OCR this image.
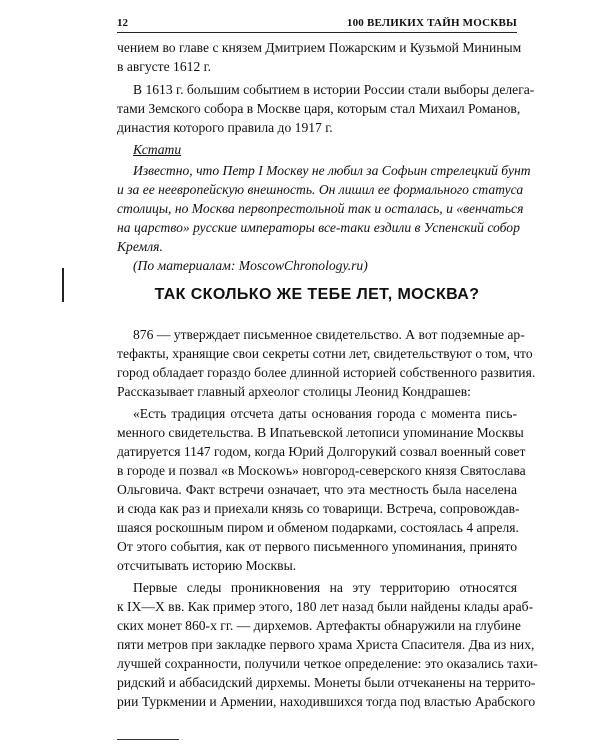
12	100 ВЕЛИКИХ ТАЙН МОСКВЫ
чением во главе с князем Дмитрием Пожарским и Кузьмой Мининым
в августе 1612 г.
В 1613 г. большим событием в истории России стали выборы делега-
тами Земского собора в Москве царя, которым стал Михаил Романов,
династия которого правила до 1917 г.
Кстати
Известно, что Петр I Москву не любил за Софьин стрелецкий бунт
и за ее неевропейскую внешность. Он лишил ее формального статуса
столицы, но Москва первопрестольной так и осталась, и «венчаться
на царство» русские императоры все-таки ездили в Успенский собор
Кремля.
(По материалам: MoscowChronology.ru)
ТАК СКОЛЬКО ЖЕ ТЕБЕ ЛЕТ, МОСКВА?
876 — утверждает письменное свидетельство. А вот подземные ар-
тефакты, хранящие свои секреты сотни лет, свидетельствуют о том, что
город обладает гораздо более длинной историей собственного развития.
Рассказывает главный археолог столицы Леонид Кондрашев:
«Есть традиция отсчета даты основания города с момента пись-
менного свидетельства. В Ипатьевской летописи упоминание Москвы
датируется 1147 годом, когда Юрий Долгорукий созвал военный совет
в городе и позвал «в Москowь» новгород-северского князя Святослава
Ольговича. Факт встречи означает, что эта местность была населена
и сюда как раз и приехали князь со товарищи. Встреча, сопровождав-
шаяся роскошным пиром и обменом подарками, состоялась 4 апреля.
От этого события, как от первого письменного упоминания, принято
отсчитывать историю Москвы.
Первые следы проникновения на эту территорию относятся
к IX—X вв. Как пример этого, 180 лет назад были найдены клады араб-
ских монет 860-х гг. — дирхемов. Артефакты обнаружили на глубине
пяти метров при закладке первого храма Христа Спасителя. Два из них,
лучшей сохранности, получили четкое определение: это оказались тахи-
ридский и аббасидский дирхемы. Монеты были отчеканены на террито-
рии Туркмении и Армении, находившихся тогда под властью Арабского
